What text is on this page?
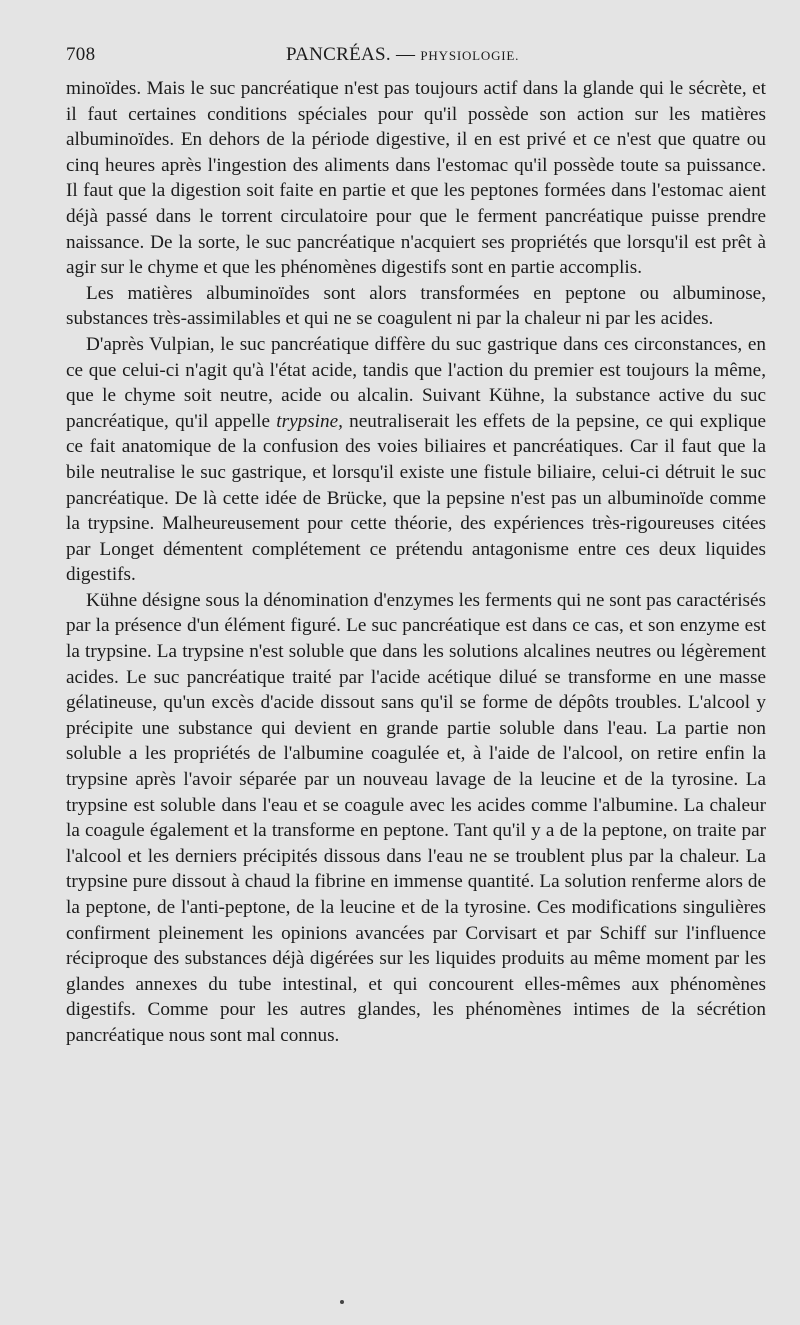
708	PANCRÉAS. — PHYSIOLOGIE.

minoïdes. Mais le suc pancréatique n'est pas toujours actif dans la glande qui le sécrète, et il faut certaines conditions spéciales pour qu'il possède son action sur les matières albuminoïdes. En dehors de la période digestive, il en est privé et ce n'est que quatre ou cinq heures après l'ingestion des aliments dans l'estomac qu'il possède toute sa puissance. Il faut que la digestion soit faite en partie et que les peptones formées dans l'estomac aient déjà passé dans le torrent circulatoire pour que le ferment pancréatique puisse prendre naissance. De la sorte, le suc pancréatique n'acquiert ses propriétés que lorsqu'il est prêt à agir sur le chyme et que les phénomènes digestifs sont en partie accomplis.

Les matières albuminoïdes sont alors transformées en peptone ou albuminose, substances très-assimilables et qui ne se coagulent ni par la chaleur ni par les acides.

D'après Vulpian, le suc pancréatique diffère du suc gastrique dans ces circonstances, en ce que celui-ci n'agit qu'à l'état acide, tandis que l'action du premier est toujours la même, que le chyme soit neutre, acide ou alcalin. Suivant Kühne, la substance active du suc pancréatique, qu'il appelle trypsine, neutraliserait les effets de la pepsine, ce qui explique ce fait anatomique de la confusion des voies biliaires et pancréatiques. Car il faut que la bile neutralise le suc gastrique, et lorsqu'il existe une fistule biliaire, celui-ci détruit le suc pancréatique. De là cette idée de Brücke, que la pepsine n'est pas un albuminoïde comme la trypsine. Malheureusement pour cette théorie, des expériences très-rigoureuses citées par Longet démentent complétement ce prétendu antagonisme entre ces deux liquides digestifs.

Kühne désigne sous la dénomination d'enzymes les ferments qui ne sont pas caractérisés par la présence d'un élément figuré. Le suc pancréatique est dans ce cas, et son enzyme est la trypsine. La trypsine n'est soluble que dans les solutions alcalines neutres ou légèrement acides. Le suc pancréatique traité par l'acide acétique dilué se transforme en une masse gélatineuse, qu'un excès d'acide dissout sans qu'il se forme de dépôts troubles. L'alcool y précipite une substance qui devient en grande partie soluble dans l'eau. La partie non soluble a les propriétés de l'albumine coagulée et, à l'aide de l'alcool, on retire enfin la trypsine après l'avoir séparée par un nouveau lavage de la leucine et de la tyrosine. La trypsine est soluble dans l'eau et se coagule avec les acides comme l'albumine. La chaleur la coagule également et la transforme en peptone. Tant qu'il y a de la peptone, on traite par l'alcool et les derniers précipités dissous dans l'eau ne se troublent plus par la chaleur. La trypsine pure dissout à chaud la fibrine en immense quantité. La solution renferme alors de la peptone, de l'anti-peptone, de la leucine et de la tyrosine. Ces modifications singulières confirment pleinement les opinions avancées par Corvisart et par Schiff sur l'influence réciproque des substances déjà digérées sur les liquides produits au même moment par les glandes annexes du tube intestinal, et qui concourent elles-mêmes aux phénomènes digestifs. Comme pour les autres glandes, les phénomènes intimes de la sécrétion pancréatique nous sont mal connus.
